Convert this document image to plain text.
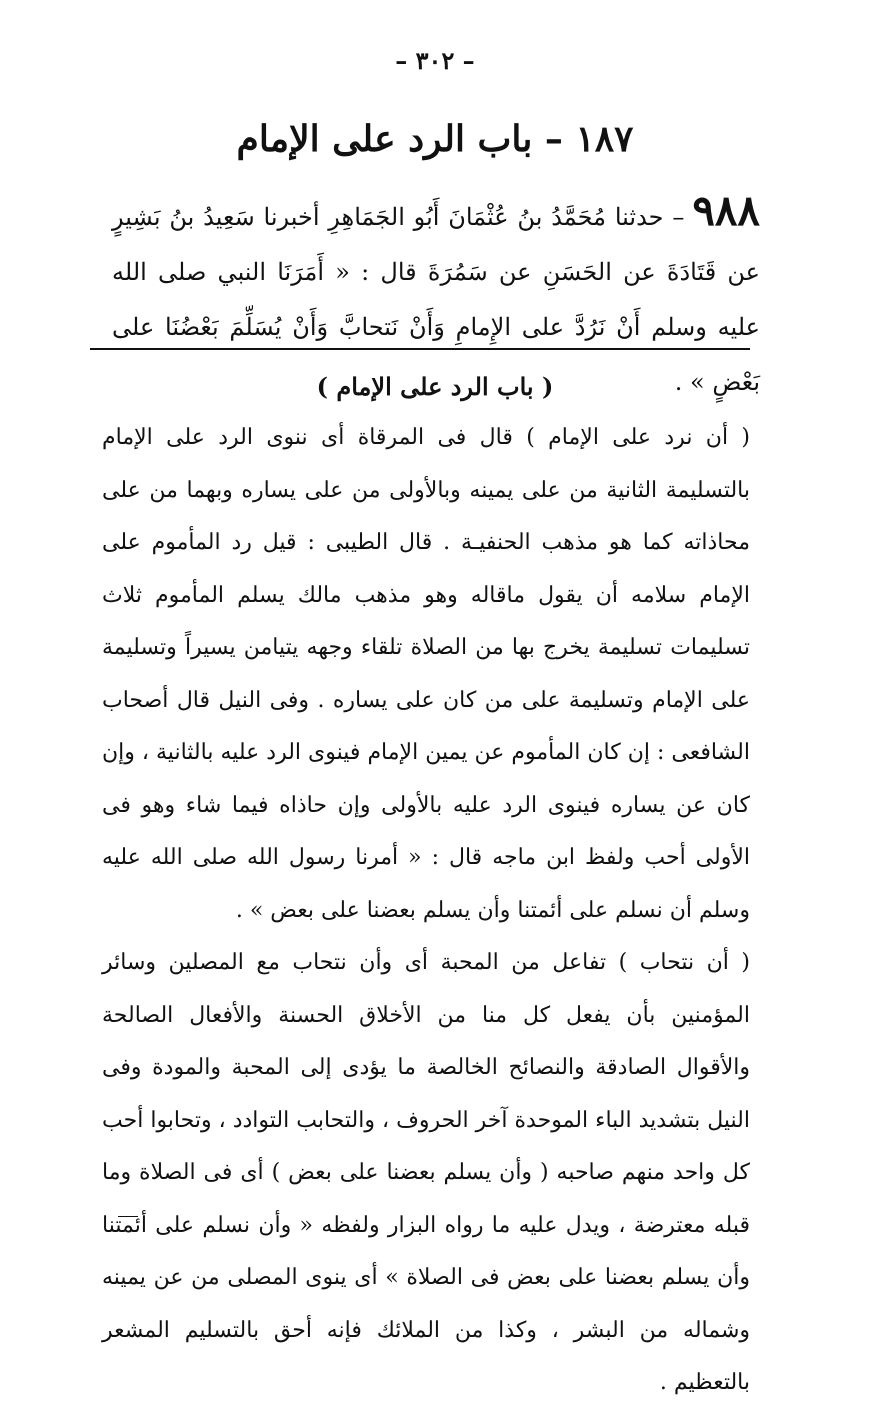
– ٣٠٢ –
١٨٧ – باب الرد على الإمام
٩٨٨– حدثنا مُحَمَّدُ بنُ عُثْمَانَ أَبُو الجَمَاهِرِ أخبرنا سَعِيدُ بنُ بَشِيرٍ عن قَتَادَةَ عن الحَسَنِ عن سَمُرَةَ قال : « أَمَرَنَا النبي صلى الله عليه وسلم أَنْ نَرُدَّ على الإِمامِ وَأَنْ نَتحابَّ وَأَنْ يُسَلِّمَ بَعْضُنَا على بَعْضٍ » .
( باب الرد على الإمام )

( أن نرد على الإمام ) قال فى المرقاة أى ننوى الرد على الإمام بالتسليمة الثانية من على يمينه وبالأولى من على يساره وبهما من على محاذاته كما هو مذهب الحنفيـة . قال الطيبى : قيل رد المأموم على الإمام سلامه أن يقول ماقاله وهو مذهب مالك يسلم المأموم ثلاث تسليمات تسليمة يخرج بها من الصلاة تلقاء وجهه يتيامن يسيراً وتسليمة على الإمام وتسليمة على من كان على يساره . وفى النيل قال أصحاب الشافعى : إن كان المأموم عن يمين الإمام فينوى الرد عليه بالثانية ، وإن كان عن يساره فينوى الرد عليه بالأولى وإن حاذاه فيما شاء وهو فى الأولى أحب ولفظ ابن ماجه قال : « أمرنا رسول الله صلى الله عليه وسلم أن نسلم على أئمتنا وأن يسلم بعضنا على بعض » .

( أن نتحاب ) تفاعل من المحبة أى وأن نتحاب مع المصلين وسائر المؤمنين بأن يفعل كل منا من الأخلاق الحسنة والأفعال الصالحة والأقوال الصادقة والنصائح الخالصة ما يؤدى إلى المحبة والمودة وفى النيل بتشديد الباء الموحدة آخر الحروف ، والتحابب التوادد ، وتحابوا أحب كل واحد منهم صاحبه ( وأن يسلم بعضنا على بعض ) أى فى الصلاة وما قبله معترضة ، ويدل عليه ما رواه البزار ولفظه « وأن نسلم على أئمتنا وأن يسلم بعضنا على بعض فى الصلاة » أى ينوى المصلى من عن يمينه وشماله من البشر ، وكذا من الملائك فإنه أحق بالتسليم المشعر بالتعظيم .
